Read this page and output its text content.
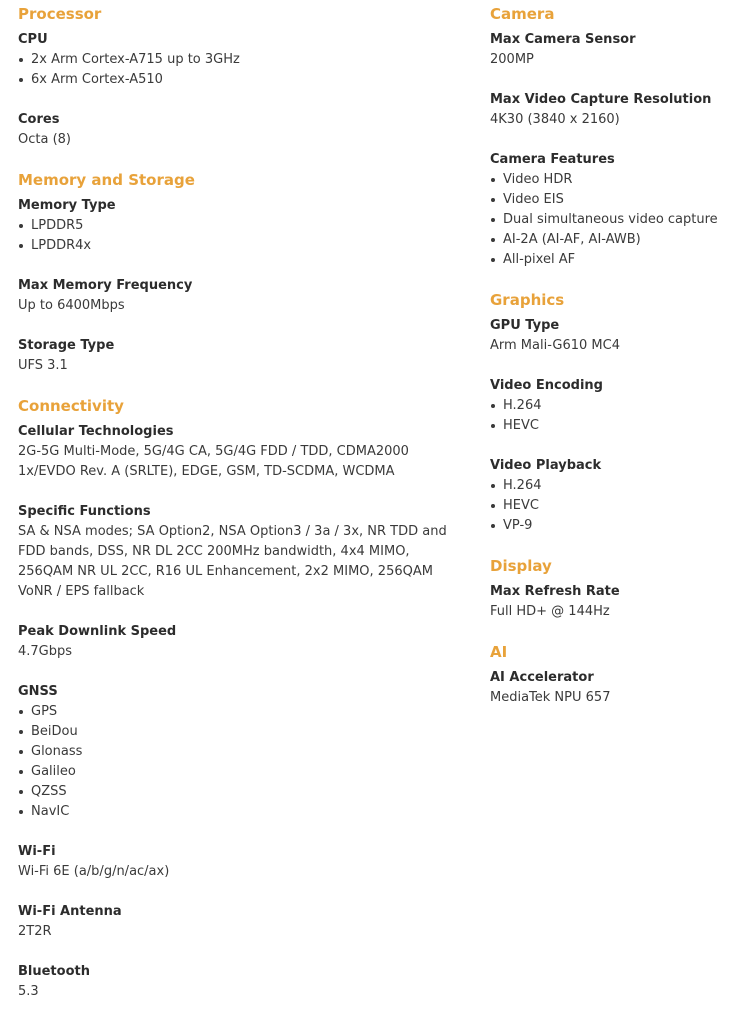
Processor
CPU
2x Arm Cortex-A715 up to 3GHz
6x Arm Cortex-A510
Cores
Octa (8)
Memory and Storage
Memory Type
LPDDR5
LPDDR4x
Max Memory Frequency
Up to 6400Mbps
Storage Type
UFS 3.1
Connectivity
Cellular Technologies
2G-5G Multi-Mode, 5G/4G CA, 5G/4G FDD / TDD, CDMA2000 1x/EVDO Rev. A (SRLTE), EDGE, GSM, TD-SCDMA, WCDMA
Specific Functions
SA & NSA modes; SA Option2, NSA Option3 / 3a / 3x, NR TDD and FDD bands, DSS, NR DL 2CC 200MHz bandwidth, 4x4 MIMO, 256QAM NR UL 2CC, R16 UL Enhancement, 2x2 MIMO, 256QAM VoNR / EPS fallback
Peak Downlink Speed
4.7Gbps
GNSS
GPS
BeiDou
Glonass
Galileo
QZSS
NavIC
Wi-Fi
Wi-Fi 6E (a/b/g/n/ac/ax)
Wi-Fi Antenna
2T2R
Bluetooth
5.3
Camera
Max Camera Sensor
200MP
Max Video Capture Resolution
4K30 (3840 x 2160)
Camera Features
Video HDR
Video EIS
Dual simultaneous video capture
AI-2A (AI-AF, AI-AWB)
All-pixel AF
Graphics
GPU Type
Arm Mali-G610 MC4
Video Encoding
H.264
HEVC
Video Playback
H.264
HEVC
VP-9
Display
Max Refresh Rate
Full HD+ @ 144Hz
AI
AI Accelerator
MediaTek NPU 657
